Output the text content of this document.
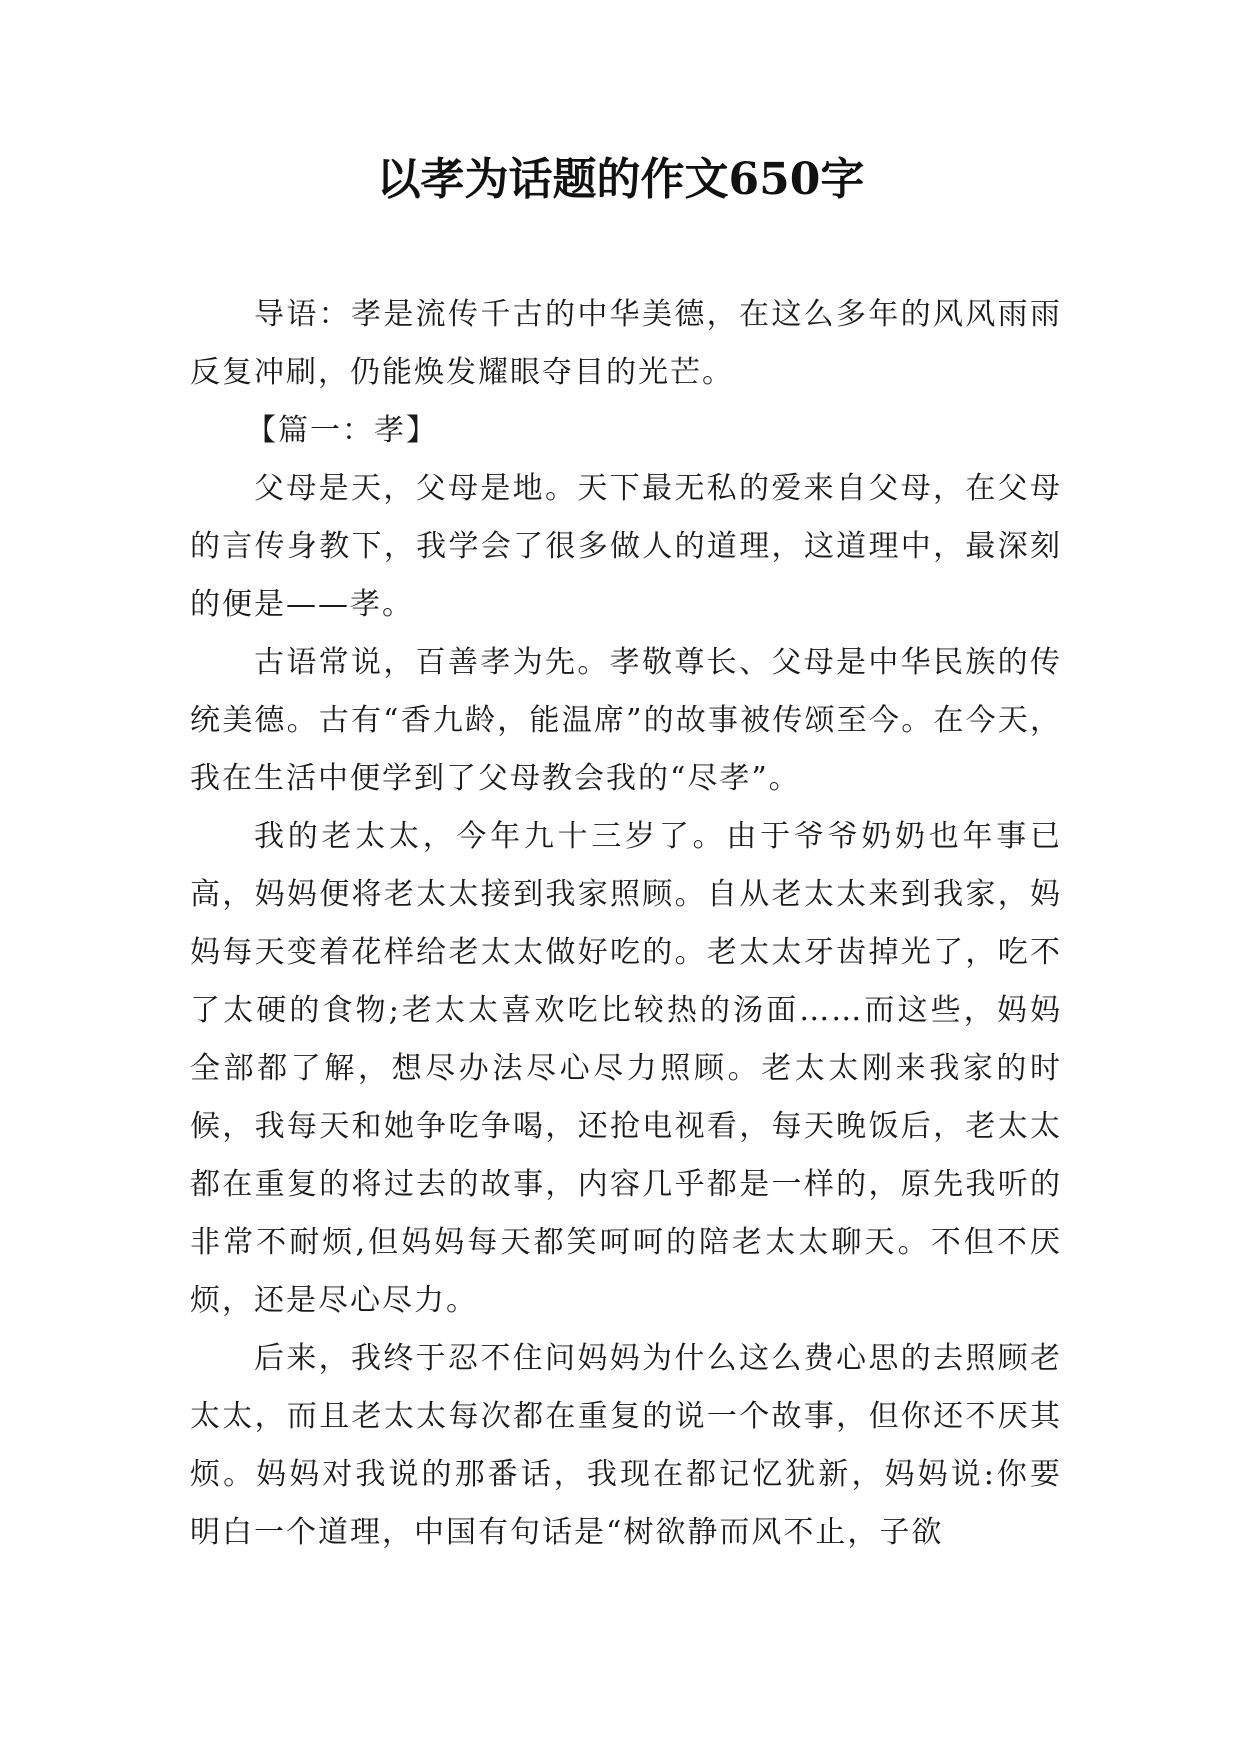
以孝为话题的作文650字

导语：孝是流传千古的中华美德，在这么多年的风风雨雨反复冲刷，仍能焕发耀眼夺目的光芒。

【篇一：孝】

父母是天，父母是地。天下最无私的爱来自父母，在父母的言传身教下，我学会了很多做人的道理，这道理中，最深刻的便是——孝。

古语常说，百善孝为先。孝敬尊长、父母是中华民族的传统美德。古有“香九龄，能温席”的故事被传颂至今。在今天，我在生活中便学到了父母教会我的“尽孝”。

我的老太太，今年九十三岁了。由于爷爷奶奶也年事已高，妈妈便将老太太接到我家照顾。自从老太太来到我家，妈妈每天变着花样给老太太做好吃的。老太太牙齿掉光了，吃不了太硬的食物;老太太喜欢吃比较热的汤面……而这些，妈妈全部都了解，想尽办法尽心尽力照顾。老太太刚来我家的时候，我每天和她争吃争喝，还抢电视看，每天晚饭后，老太太都在重复的将过去的故事，内容几乎都是一样的，原先我听的非常不耐烦,但妈妈每天都笑呵呵的陪老太太聊天。不但不厌烦，还是尽心尽力。

后来，我终于忍不住问妈妈为什么这么费心思的去照顾老太太，而且老太太每次都在重复的说一个故事，但你还不厌其烦。妈妈对我说的那番话，我现在都记忆犹新，妈妈说:你要明白一个道理，中国有句话是“树欲静而风不止，子欲
